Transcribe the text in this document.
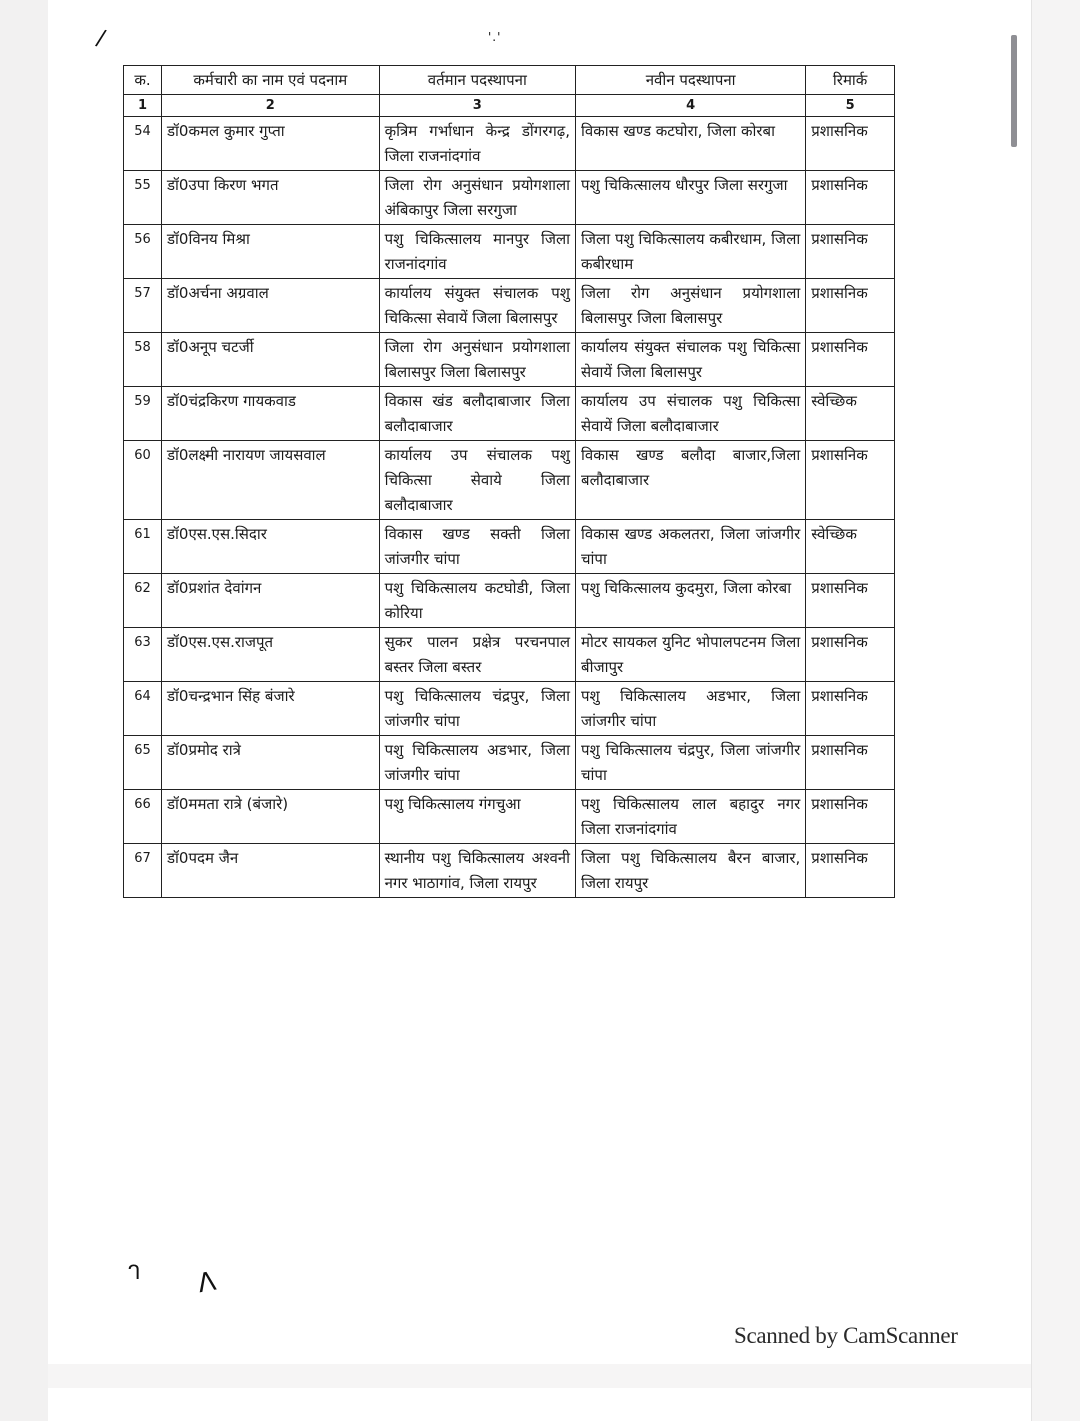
/	'.'
क.	कर्मचारी का नाम एवं पदनाम	वर्तमान पदस्थापना	नवीन पदस्थापना	रिमार्क
1	2	3	4	5
54	डॉ0कमल कुमार गुप्ता	कृत्रिम गर्भाधान केन्द्र डोंगरगढ़, जिला राजनांदगांव	विकास खण्ड कटघोरा, जिला कोरबा	प्रशासनिक
55	डॉ0उपा किरण भगत	जिला रोग अनुसंधान प्रयोगशाला अंबिकापुर जिला सरगुजा	पशु चिकित्सालय धौरपुर जिला सरगुजा	प्रशासनिक
56	डॉ0विनय मिश्रा	पशु चिकित्सालय मानपुर जिला राजनांदगांव	जिला पशु चिकित्सालय कबीरधाम, जिला कबीरधाम	प्रशासनिक
57	डॉ0अर्चना अग्रवाल	कार्यालय संयुक्त संचालक पशु चिकित्सा सेवायें जिला बिलासपुर	जिला रोग अनुसंधान प्रयोगशाला बिलासपुर जिला बिलासपुर	प्रशासनिक
58	डॉ0अनूप चटर्जी	जिला रोग अनुसंधान प्रयोगशाला बिलासपुर जिला बिलासपुर	कार्यालय संयुक्त संचालक पशु चिकित्सा सेवायें जिला बिलासपुर	प्रशासनिक
59	डॉ0चंद्रकिरण गायकवाड	विकास खंड बलौदाबाजार जिला बलौदाबाजार	कार्यालय उप संचालक पशु चिकित्सा सेवायें जिला बलौदाबाजार	स्वेच्छिक
60	डॉ0लक्ष्मी नारायण जायसवाल	कार्यालय उप संचालक पशु चिकित्सा सेवाये जिला बलौदाबाजार	विकास खण्ड बलौदा बाजार,जिला बलौदाबाजार	प्रशासनिक
61	डॉ0एस.एस.सिदार	विकास खण्ड सक्ती जिला जांजगीर चांपा	विकास खण्ड अकलतरा, जिला जांजगीर चांपा	स्वेच्छिक
62	डॉ0प्रशांत देवांगन	पशु चिकित्सालय कटघोडी, जिला कोरिया	पशु चिकित्सालय कुदमुरा, जिला कोरबा	प्रशासनिक
63	डॉ0एस.एस.राजपूत	सुकर पालन प्रक्षेत्र परचनपाल बस्तर जिला बस्तर	मोटर सायकल युनिट भोपालपटनम जिला बीजापुर	प्रशासनिक
64	डॉ0चन्द्रभान सिंह बंजारे	पशु चिकित्सालय चंद्रपुर, जिला जांजगीर चांपा	पशु चिकित्सालय अडभार, जिला जांजगीर चांपा	प्रशासनिक
65	डॉ0प्रमोद रात्रे	पशु चिकित्सालय अडभार, जिला जांजगीर चांपा	पशु चिकित्सालय चंद्रपुर, जिला जांजगीर चांपा	प्रशासनिक
66	डॉ0ममता रात्रे (बंजारे)	पशु चिकित्सालय गंगचुआ	पशु चिकित्सालय लाल बहादुर नगर जिला राजनांदगांव	प्रशासनिक
67	डॉ0पदम जैन	स्थानीय पशु चिकित्सालय अश्वनी नगर भाठागांव, जिला रायपुर	जिला पशु चिकित्सालय बैरन बाजार, जिला रायपुर	प्रशासनिक
ᒉ Λ
Scanned by CamScanner
